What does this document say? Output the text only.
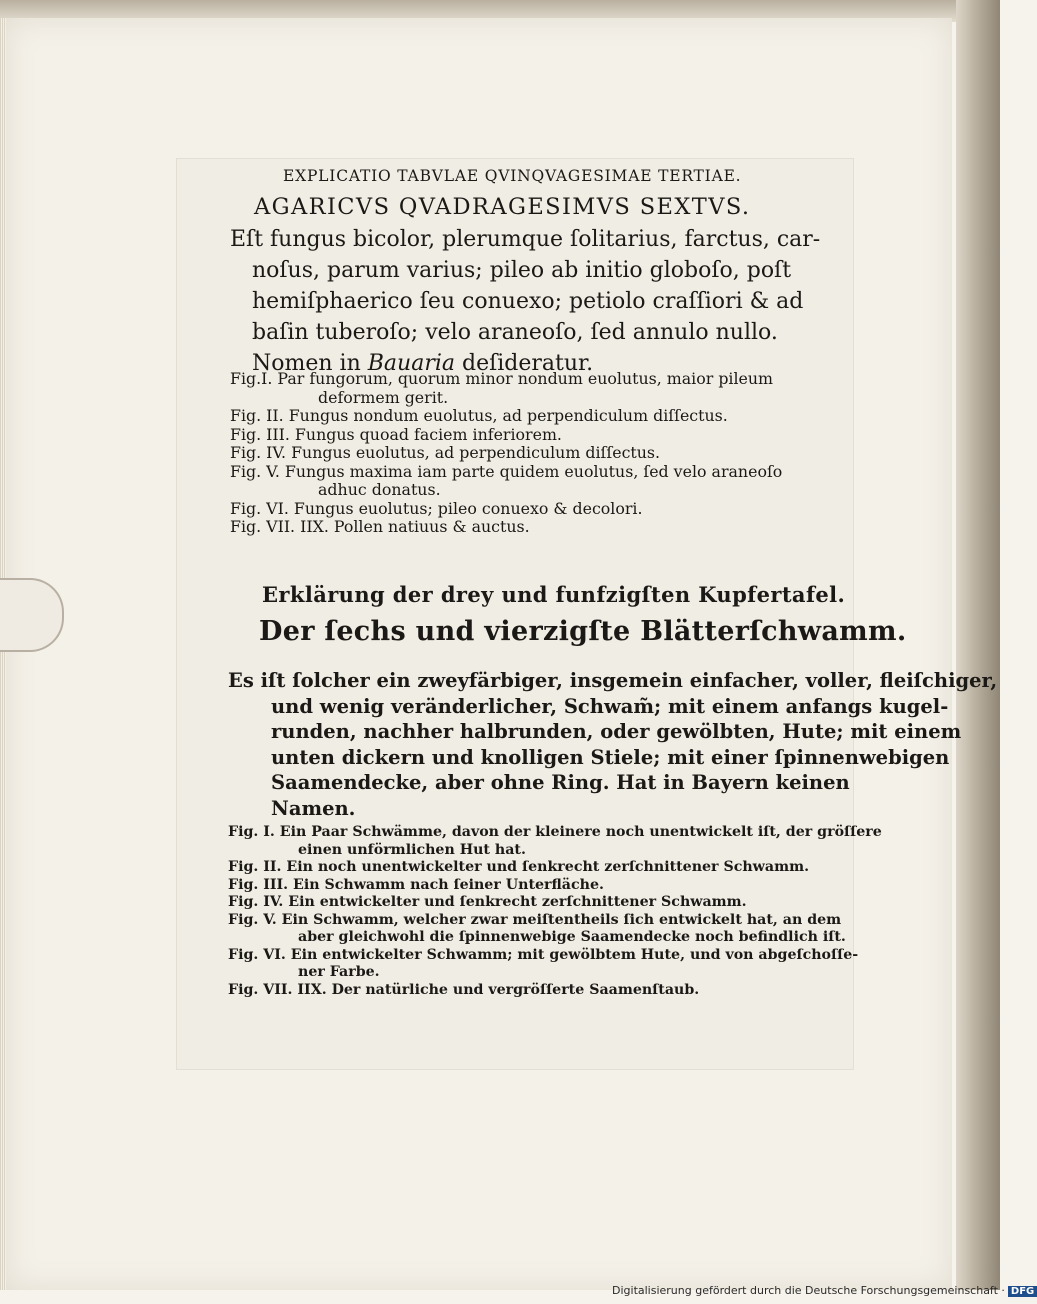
EXPLICATIO TABVLAE QVINQVAGESIMAE TERTIAE.
AGARICVS QVADRAGESIMVS SEXTVS.
Eſt fungus bicolor, plerumque ſolitarius, farctus, car-
noſus, parum varius; pileo ab initio globoſo, poſt
hemiſphaerico ſeu conuexo; petiolo craſſiori & ad
baſin tuberoſo; velo araneoſo, ſed annulo nullo.
Nomen in Bauaria deſideratur.
Fig.I. Par fungorum, quorum minor nondum euolutus, maior pileum
deformem gerit.
Fig. II. Fungus nondum euolutus, ad perpendiculum diſſectus.
Fig. III. Fungus quoad faciem inferiorem.
Fig. IV. Fungus euolutus, ad perpendiculum diſſectus.
Fig. V. Fungus maxima iam parte quidem euolutus, ſed velo araneoſo
adhuc donatus.
Fig. VI. Fungus euolutus; pileo conuexo & decolori.
Fig. VII. IIX. Pollen natiuus & auctus.
Erklärung der drey und funfzigſten Kupfertafel.
Der ſechs und vierzigſte Blätterſchwamm.
Es iſt ſolcher ein zweyfärbiger, insgemein einfacher, voller, fleiſchiger,
und wenig veränderlicher, Schwam̃; mit einem anfangs kugel-
runden, nachher halbrunden, oder gewölbten, Hute; mit einem
unten dickern und knolligen Stiele; mit einer ſpinnenwebigen
Saamendecke, aber ohne Ring. Hat in Bayern keinen
Namen.
Fig. I. Ein Paar Schwämme, davon der kleinere noch unentwickelt iſt, der gröſſere
einen unförmlichen Hut hat.
Fig. II. Ein noch unentwickelter und ſenkrecht zerſchnittener Schwamm.
Fig. III. Ein Schwamm nach ſeiner Unterfläche.
Fig. IV. Ein entwickelter und ſenkrecht zerſchnittener Schwamm.
Fig. V. Ein Schwamm, welcher zwar meiſtentheils ſich entwickelt hat, an dem
aber gleichwohl die ſpinnenwebige Saamendecke noch befindlich iſt.
Fig. VI. Ein entwickelter Schwamm; mit gewölbtem Hute, und von abgeſchoſſe-
ner Farbe.
Fig. VII. IIX. Der natürliche und vergröſſerte Saamenſtaub.
Digitalisierung gefördert durch die Deutsche Forschungsgemeinschaft · DFG
